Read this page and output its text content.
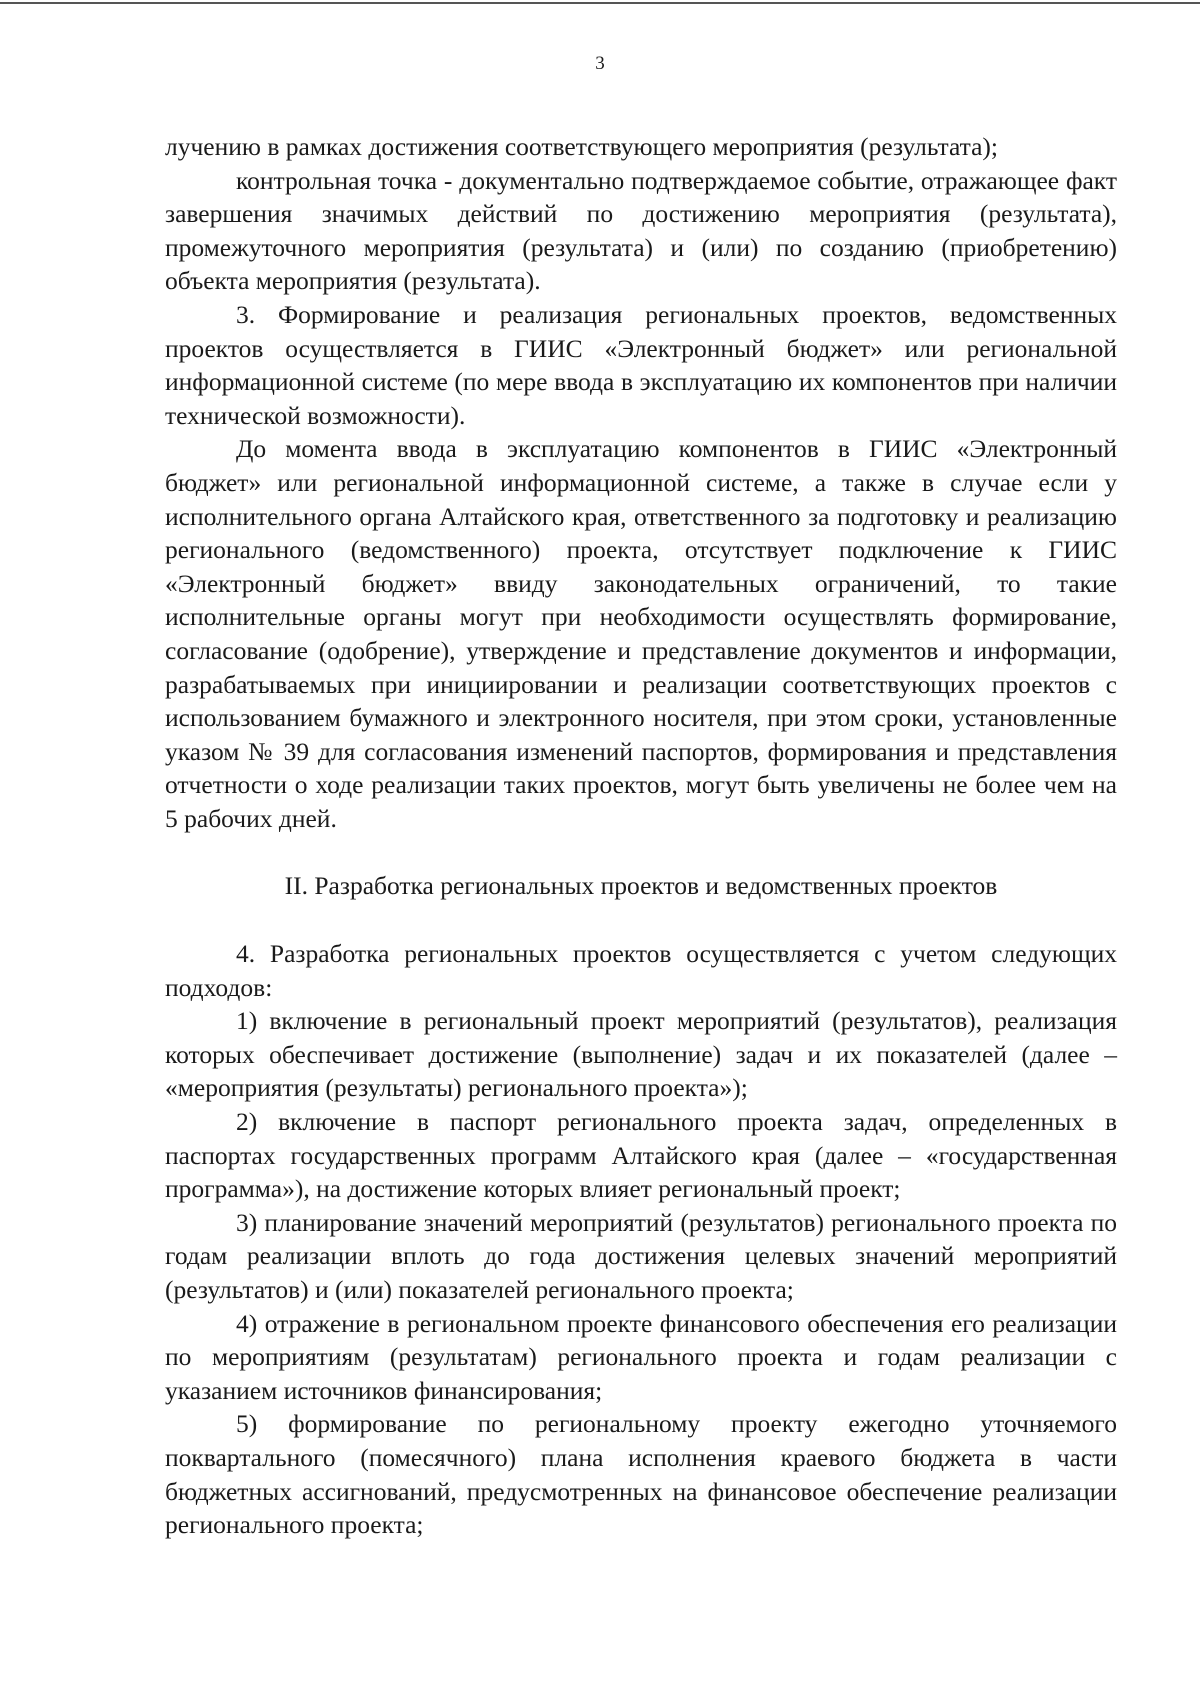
3

лучению в рамках достижения соответствующего мероприятия (результата);

контрольная точка - документально подтверждаемое событие, отражающее факт завершения значимых действий по достижению мероприятия (результата), промежуточного мероприятия (результата) и (или) по созданию (приобретению) объекта мероприятия (результата).

3. Формирование и реализация региональных проектов, ведомственных проектов осуществляется в ГИИС «Электронный бюджет» или региональной информационной системе (по мере ввода в эксплуатацию их компонентов при наличии технической возможности).

До момента ввода в эксплуатацию компонентов в ГИИС «Электронный бюджет» или региональной информационной системе, а также в случае если у исполнительного органа Алтайского края, ответственного за подготовку и реализацию регионального (ведомственного) проекта, отсутствует подключение к ГИИС «Электронный бюджет» ввиду законодательных ограничений, то такие исполнительные органы могут при необходимости осуществлять формирование, согласование (одобрение), утверждение и представление документов и информации, разрабатываемых при инициировании и реализации соответствующих проектов с использованием бумажного и электронного носителя, при этом сроки, установленные указом № 39 для согласования изменений паспортов, формирования и представления отчетности о ходе реализации таких проектов, могут быть увеличены не более чем на 5 рабочих дней.

II. Разработка региональных проектов и ведомственных проектов

4. Разработка региональных проектов осуществляется с учетом следующих подходов:

1) включение в региональный проект мероприятий (результатов), реализация которых обеспечивает достижение (выполнение) задач и их показателей (далее – «мероприятия (результаты) регионального проекта»);

2) включение в паспорт регионального проекта задач, определенных в паспортах государственных программ Алтайского края (далее – «государственная программа»), на достижение которых влияет региональный проект;

3) планирование значений мероприятий (результатов) регионального проекта по годам реализации вплоть до года достижения целевых значений мероприятий (результатов) и (или) показателей регионального проекта;

4) отражение в региональном проекте финансового обеспечения его реализации по мероприятиям (результатам) регионального проекта и годам реализации с указанием источников финансирования;

5) формирование по региональному проекту ежегодно уточняемого поквартального (помесячного) плана исполнения краевого бюджета в части бюджетных ассигнований, предусмотренных на финансовое обеспечение реализации регионального проекта;
